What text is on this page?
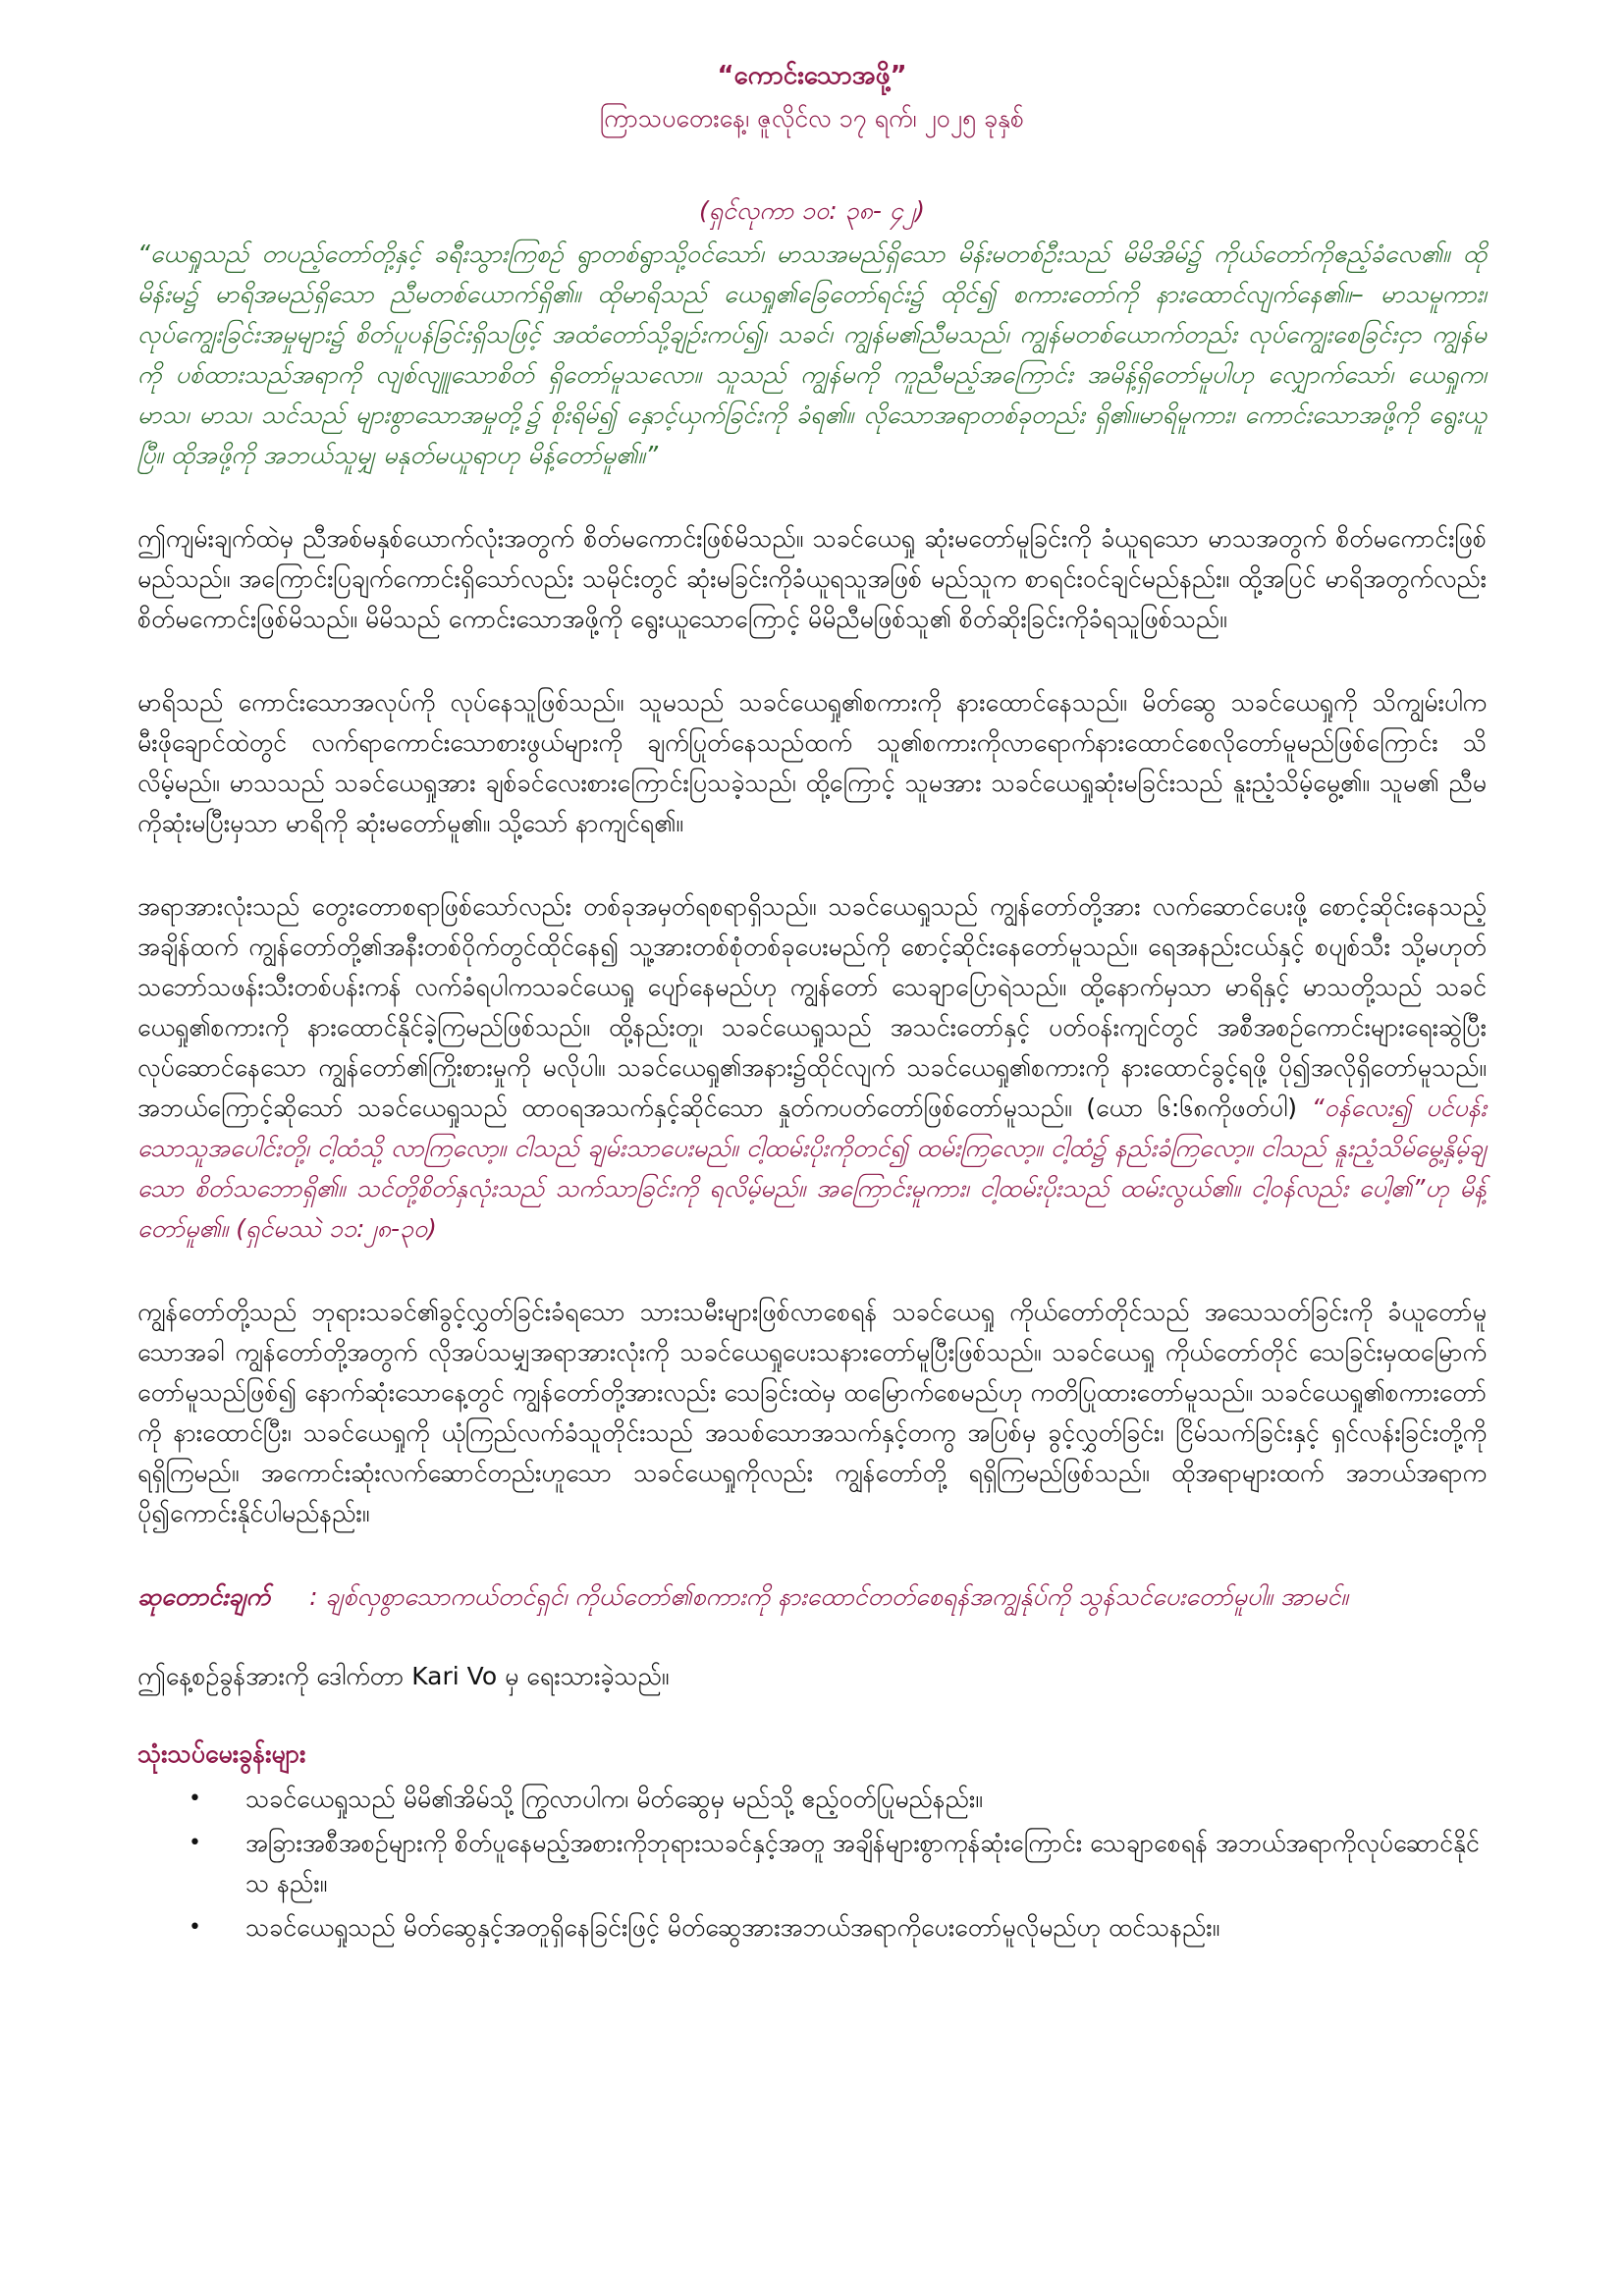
“ကောင်းသောအဖို့”
ကြာသပတေးနေ့၊ ဇူလိုင်လ ၁၇ ရက်၊ ၂၀၂၅ ခုနှစ်
(ရှင်လုကာ ၁၀: ၃၈- ၄၂)

“ယေရှုသည် တပည့်တော်တို့နှင့် ခရီးသွားကြစဉ် ရွာတစ်ရွာသို့ဝင်သော်၊ မာသအမည်ရှိသော မိန်းမတစ်ဦးသည် မိမိအိမ်၌ ကိုယ်တော်ကိုဧည့်ခံလေ၏။ ထိုမိန်းမ၌ မာရိအမည်ရှိသော ညီမတစ်ယောက်ရှိ၏။ ထိုမာရိသည် ယေရှု၏ခြေတော်ရင်း၌ ထိုင်၍ စကားတော်ကို နားထောင်လျက်နေ၏။– မာသမူကား၊ လုပ်ကျွေးခြင်းအမှုများ၌ စိတ်ပူပန်ခြင်းရှိသဖြင့် အထံတော်သို့ချဉ်းကပ်၍၊ သခင်၊ ကျွန်မ၏ညီမသည်၊ ကျွန်မတစ်ယောက်တည်း လုပ်ကျွေးစေခြင်းငှာ ကျွန်မကို ပစ်ထားသည်အရာကို လျစ်လျူသောစိတ် ရှိတော်မူသလော။ သူသည် ကျွန်မကို ကူညီမည့်အကြောင်း အမိန့်ရှိတော်မူပါဟု လျှောက်သော်၊ ယေရှုက၊ မာသ၊ မာသ၊ သင်သည် များစွာသောအမှုတို့၌ စိုးရိမ်၍ နှောင့်ယှက်ခြင်းကို ခံရ၏။ လိုသောအရာတစ်ခုတည်း ရှိ၏။မာရိမူကား၊ ကောင်းသောအဖို့ကို ရွေးယူပြီ။ ထိုအဖို့ကို အဘယ်သူမျှ မနုတ်မယူရာဟု မိန့်တော်မူ၏။”

ဤကျမ်းချက်ထဲမှ ညီအစ်မနှစ်ယောက်လုံးအတွက် စိတ်မကောင်းဖြစ်မိသည်။ သခင်ယေရှု ဆုံးမတော်မူခြင်းကို ခံယူရသော မာသအတွက် စိတ်မကောင်းဖြစ်မည်သည်။ အကြောင်းပြချက်ကောင်းရှိသော်လည်း သမိုင်းတွင် ဆုံးမခြင်းကိုခံယူရသူအဖြစ် မည်သူက စာရင်းဝင်ချင်မည်နည်း။ ထို့အပြင် မာရိအတွက်လည်း စိတ်မကောင်းဖြစ်မိသည်။ မိမိသည် ကောင်းသောအဖို့ကို ရွေးယူသောကြောင့် မိမိညီမဖြစ်သူ၏ စိတ်ဆိုးခြင်းကိုခံရသူဖြစ်သည်။

မာရိသည် ကောင်းသောအလုပ်ကို လုပ်နေသူဖြစ်သည်။ သူမသည် သခင်ယေရှု၏စကားကို နားထောင်နေသည်။ မိတ်ဆွေ သခင်ယေရှုကို သိကျွမ်းပါက မီးဖိုချောင်ထဲတွင် လက်ရာကောင်းသောစားဖွယ်များကို ချက်ပြုတ်နေသည်ထက် သူ၏စကားကိုလာရောက်နားထောင်စေလိုတော်မူမည်ဖြစ်ကြောင်း သိလိမ့်မည်။ မာသသည် သခင်ယေရှုအား ချစ်ခင်လေးစားကြောင်းပြသခဲ့သည်၊ ထို့ကြောင့် သူမအား သခင်ယေရှုဆုံးမခြင်းသည် နူးညံ့သိမ့်မွေ့၏။ သူမ၏ ညီမကိုဆုံးမပြီးမှသာ မာရိကို ဆုံးမတော်မူ၏။ သို့သော် နာကျင်ရ၏။

အရာအားလုံးသည် တွေးတောစရာဖြစ်သော်လည်း တစ်ခုအမှတ်ရစရာရှိသည်။ သခင်ယေရှုသည် ကျွန်တော်တို့အား လက်ဆောင်ပေးဖို့ စောင့်ဆိုင်းနေသည့်အချိန်ထက် ကျွန်တော်တို့၏အနီးတစ်ဝိုက်တွင်ထိုင်နေ၍ သူ့အားတစ်စုံတစ်ခုပေးမည်ကို စောင့်ဆိုင်းနေတော်မူသည်။ ရေအနည်းငယ်နှင့် စပျစ်သီး သို့မဟုတ် သဘော်သဖန်းသီးတစ်ပန်းကန် လက်ခံရပါကသခင်ယေရှု ပျော်နေမည်ဟု ကျွန်တော် သေချာပြောရဲသည်။ ထို့နောက်မှသာ မာရိနှင့် မာသတို့သည် သခင်ယေရှု၏စကားကို နားထောင်နိုင်ခဲ့ကြမည်ဖြစ်သည်။ ထို့နည်းတူ၊ သခင်ယေရှုသည် အသင်းတော်နှင့် ပတ်ဝန်းကျင်တွင် အစီအစဉ်ကောင်းများရေးဆွဲပြီး လုပ်ဆောင်နေသော ကျွန်တော်၏ကြိုးစားမှုကို မလိုပါ။ သခင်ယေရှု၏အနား၌ထိုင်လျက် သခင်ယေရှု၏စကားကို နားထောင်ခွင့်ရဖို့ ပို၍အလိုရှိတော်မူသည်။ အဘယ်ကြောင့်ဆိုသော် သခင်ယေရှုသည် ထာဝရအသက်နှင့်ဆိုင်သော နှုတ်ကပတ်တော်ဖြစ်တော်မူသည်။ (ယော ၆:၆၈ကိုဖတ်ပါ) “ဝန်လေး၍ ပင်ပန်းသောသူအပေါင်းတို့၊ ငါ့ထံသို့ လာကြလော့။ ငါသည် ချမ်းသာပေးမည်။ ငါ့ထမ်းပိုးကိုတင်၍ ထမ်းကြလော့။ ငါ့ထံ၌ နည်းခံကြလော့။ ငါသည် နူးညံ့သိမ်မွေ့နှိမ့်ချသော စိတ်သဘောရှိ၏။ သင်တို့စိတ်နှလုံးသည် သက်သာခြင်းကို ရလိမ့်မည်။ အကြောင်းမူကား၊ ငါ့ထမ်းပိုးသည် ထမ်းလွယ်၏။ ငါ့ဝန်လည်း ပေါ့၏”ဟု မိန့်တော်မူ၏။ (ရှင်မဿဲ ၁၁:၂၈-၃၀)

ကျွန်တော်တို့သည် ဘုရားသခင်၏ခွင့်လွှတ်ခြင်းခံရသော သားသမီးများဖြစ်လာစေရန် သခင်ယေရှု ကိုယ်တော်တိုင်သည် အသေသတ်ခြင်းကို ခံယူတော်မူသောအခါ ကျွန်တော်တို့အတွက် လိုအပ်သမျှအရာအားလုံးကို သခင်ယေရှုပေးသနားတော်မူပြီးဖြစ်သည်။ သခင်ယေရှု ကိုယ်တော်တိုင် သေခြင်းမှထမြောက်တော်မူသည်ဖြစ်၍ နောက်ဆုံးသောနေ့တွင် ကျွန်တော်တို့အားလည်း သေခြင်းထဲမှ ထမြောက်စေမည်ဟု ကတိပြုထားတော်မူသည်။ သခင်ယေရှု၏စကားတော်ကို နားထောင်ပြီး၊ သခင်ယေရှုကို ယုံကြည်လက်ခံသူတိုင်းသည် အသစ်သောအသက်နှင့်တကွ အပြစ်မှ ခွင့်လွှတ်ခြင်း၊ ငြိမ်သက်ခြင်းနှင့် ရှင်လန်းခြင်းတို့ကို ရရှိကြမည်။ အကောင်းဆုံးလက်ဆောင်တည်းဟူသော သခင်ယေရှုကိုလည်း ကျွန်တော်တို့ ရရှိကြမည်ဖြစ်သည်။ ထိုအရာများထက် အဘယ်အရာက ပို၍ကောင်းနိုင်ပါမည်နည်း။

ဆုတောင်းချက် : ချစ်လှစွာသောကယ်တင်ရှင်၊ ကိုယ်တော်၏စကားကို နားထောင်တတ်စေရန်အကျွန်ုပ်ကို သွန်သင်ပေးတော်မူပါ။ အာမင်။

ဤနေ့စဉ်ခွန်အားကို ဒေါက်တာ Kari Vo မှ ရေးသားခဲ့သည်။

သုံးသပ်မေးခွန်းများ
• သခင်ယေရှုသည် မိမိ၏အိမ်သို့ ကြွလာပါက၊ မိတ်ဆွေမှ မည်သို့ ဧည့်ဝတ်ပြုမည်နည်း။
• အခြားအစီအစဉ်များကို စိတ်ပူနေမည့်အစားကိုဘုရားသခင်နှင့်အတူ အချိန်များစွာကုန်ဆုံးကြောင်း သေချာစေရန် အဘယ်အရာကိုလုပ်ဆောင်နိုင်သ နည်း။
• သခင်ယေရှုသည် မိတ်ဆွေနှင့်အတူရှိနေခြင်းဖြင့် မိတ်ဆွေအားအဘယ်အရာကိုပေးတော်မူလိုမည်ဟု ထင်သနည်း။
